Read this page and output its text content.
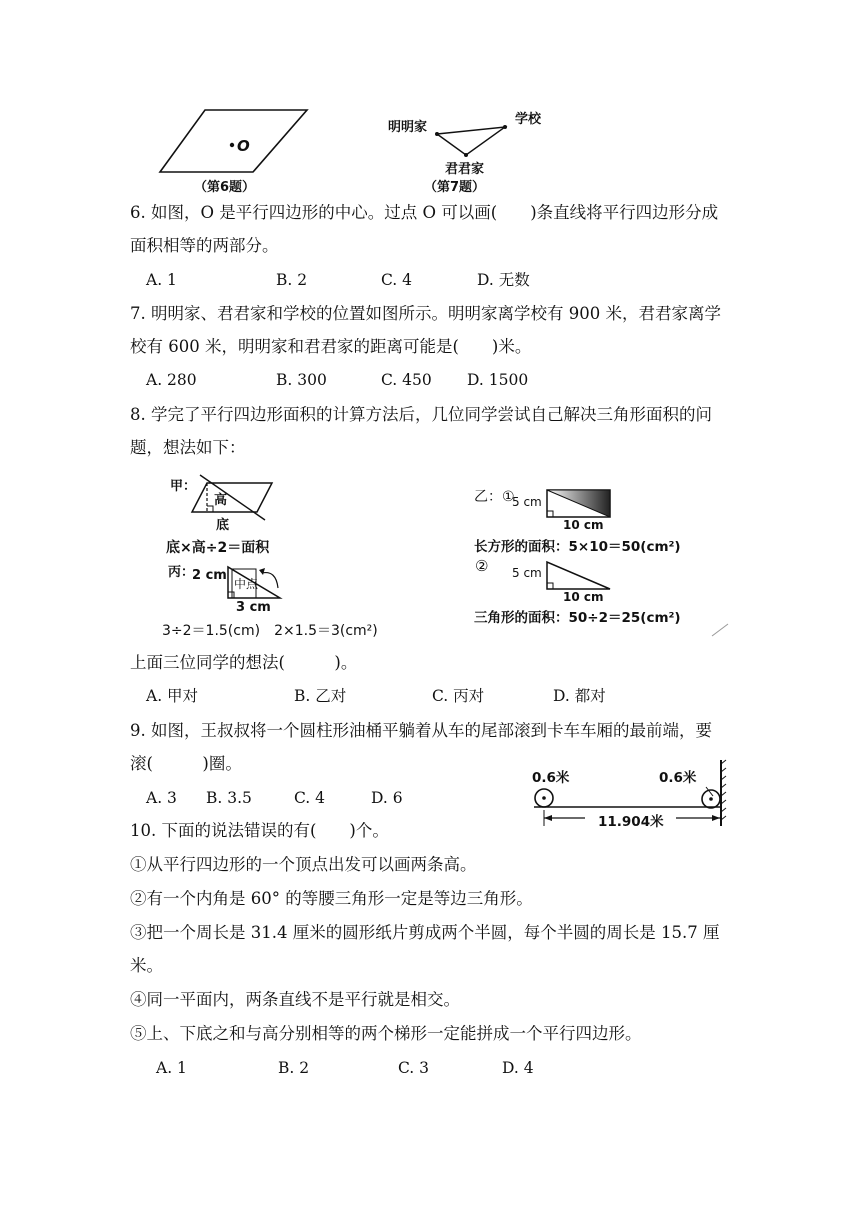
O
（第6题）
明明家
学校
君君家
（第7题）
6. 如图，O 是平行四边形的中心。过点 O 可以画(　　)条直线将平行四边形分成
面积相等的两部分。
A. 1	B. 2	C. 4	D. 无数
7. 明明家、君君家和学校的位置如图所示。明明家离学校有 900 米，君君家离学
校有 600 米，明明家和君君家的距离可能是(　　)米。
A. 280	B. 300	C. 450 D. 1500
8. 学完了平行四边形面积的计算方法后，几位同学尝试自己解决三角形面积的问
题，想法如下：
甲：
高
底
底×高÷2＝面积
丙：
2 cm
中点
3 cm
3÷2＝1.5(cm)　2×1.5＝3(cm²)
乙：①
5 cm
10 cm
长方形的面积：5×10＝50(cm²)
② 5 cm
10 cm
三角形的面积：50÷2＝25(cm²)
上面三位同学的想法(　　　)。
A. 甲对	B. 乙对	C. 丙对	D. 都对
9. 如图，王叔叔将一个圆柱形油桶平躺着从车的尾部滚到卡车车厢的最前端，要
滚(　　　)圈。
A. 3 B. 3.5	C. 4	D. 6
0.6米	0.6米
11.904米
10. 下面的说法错误的有(　　)个。
①从平行四边形的一个顶点出发可以画两条高。
②有一个内角是 60° 的等腰三角形一定是等边三角形。
③把一个周长是 31.4 厘米的圆形纸片剪成两个半圆，每个半圆的周长是 15.7 厘
米。
④同一平面内，两条直线不是平行就是相交。
⑤上、下底之和与高分别相等的两个梯形一定能拼成一个平行四边形。
A. 1	B. 2	C. 3	D. 4
